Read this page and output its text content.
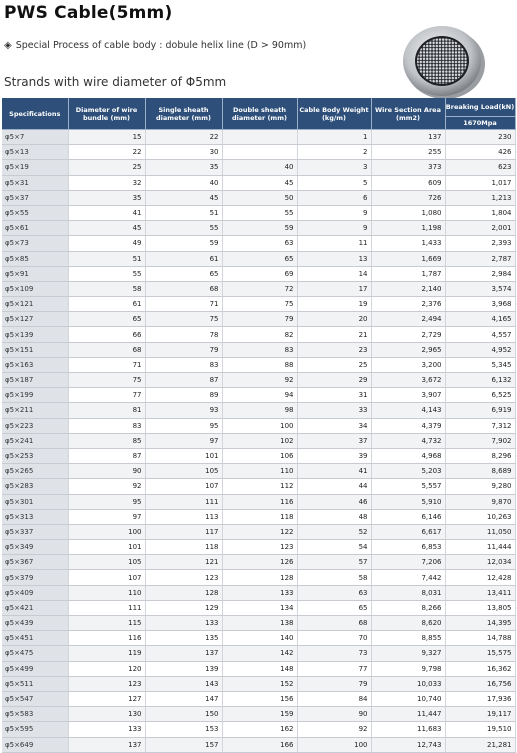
PWS Cable(5mm)
◈ Special Process of cable body : dobule helix line (D > 90mm)
Strands with wire diameter of Φ5mm
Specifications	Diameter of wire bundle (mm)	Single sheath diameter (mm)	Double sheath diameter (mm)	Cable Body Weight (kg/m)	Wire Section Area (mm2)	Breaking Load(kN)
						1670Mpa
φ5×7	15	22		1	137	230
φ5×13	22	30		2	255	426
φ5×19	25	35	40	3	373	623
φ5×31	32	40	45	5	609	1,017
φ5×37	35	45	50	6	726	1,213
φ5×55	41	51	55	9	1,080	1,804
φ5×61	45	55	59	9	1,198	2,001
φ5×73	49	59	63	11	1,433	2,393
φ5×85	51	61	65	13	1,669	2,787
φ5×91	55	65	69	14	1,787	2,984
φ5×109	58	68	72	17	2,140	3,574
φ5×121	61	71	75	19	2,376	3,968
φ5×127	65	75	79	20	2,494	4,165
φ5×139	66	78	82	21	2,729	4,557
φ5×151	68	79	83	23	2,965	4,952
φ5×163	71	83	88	25	3,200	5,345
φ5×187	75	87	92	29	3,672	6,132
φ5×199	77	89	94	31	3,907	6,525
φ5×211	81	93	98	33	4,143	6,919
φ5×223	83	95	100	34	4,379	7,312
φ5×241	85	97	102	37	4,732	7,902
φ5×253	87	101	106	39	4,968	8,296
φ5×265	90	105	110	41	5,203	8,689
φ5×283	92	107	112	44	5,557	9,280
φ5×301	95	111	116	46	5,910	9,870
φ5×313	97	113	118	48	6,146	10,263
φ5×337	100	117	122	52	6,617	11,050
φ5×349	101	118	123	54	6,853	11,444
φ5×367	105	121	126	57	7,206	12,034
φ5×379	107	123	128	58	7,442	12,428
φ5×409	110	128	133	63	8,031	13,411
φ5×421	111	129	134	65	8,266	13,805
φ5×439	115	133	138	68	8,620	14,395
φ5×451	116	135	140	70	8,855	14,788
φ5×475	119	137	142	73	9,327	15,575
φ5×499	120	139	148	77	9,798	16,362
φ5×511	123	143	152	79	10,033	16,756
φ5×547	127	147	156	84	10,740	17,936
φ5×583	130	150	159	90	11,447	19,117
φ5×595	133	153	162	92	11,683	19,510
φ5×649	137	157	166	100	12,743	21,281
